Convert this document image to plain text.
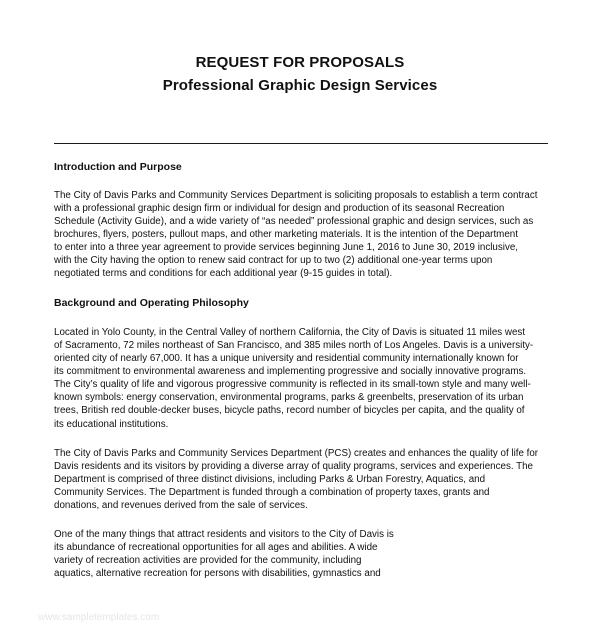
REQUEST FOR PROPOSALS
Professional Graphic Design Services
Introduction and Purpose
The City of Davis Parks and Community Services Department is soliciting proposals to establish a term contract
with a professional graphic design firm or individual for design and production of its seasonal Recreation
Schedule (Activity Guide), and a wide variety of “as needed” professional graphic and design services, such as
brochures, flyers, posters, pullout maps, and other marketing materials. It is the intention of the Department
to enter into a three year agreement to provide services beginning June 1, 2016 to June 30, 2019 inclusive,
with the City having the option to renew said contract for up to two (2) additional one-year terms upon
negotiated terms and conditions for each additional year (9-15 guides in total).
Background and Operating Philosophy
Located in Yolo County, in the Central Valley of northern California, the City of Davis is situated 11 miles west
of Sacramento, 72 miles northeast of San Francisco, and 385 miles north of Los Angeles. Davis is a university-
oriented city of nearly 67,000. It has a unique university and residential community internationally known for
its commitment to environmental awareness and implementing progressive and socially innovative programs.
The City’s quality of life and vigorous progressive community is reflected in its small-town style and many well-
known symbols: energy conservation, environmental programs, parks & greenbelts, preservation of its urban
trees, British red double-decker buses, bicycle paths, record number of bicycles per capita, and the quality of
its educational institutions.
The City of Davis Parks and Community Services Department (PCS) creates and enhances the quality of life for
Davis residents and its visitors by providing a diverse array of quality programs, services and experiences. The
Department is comprised of three distinct divisions, including Parks & Urban Forestry, Aquatics, and
Community Services. The Department is funded through a combination of property taxes, grants and
donations, and revenues derived from the sale of services.
One of the many things that attract residents and visitors to the City of Davis is
its abundance of recreational opportunities for all ages and abilities. A wide
variety of recreation activities are provided for the community, including
aquatics, alternative recreation for persons with disabilities, gymnastics and
www.sampletemplates.com
